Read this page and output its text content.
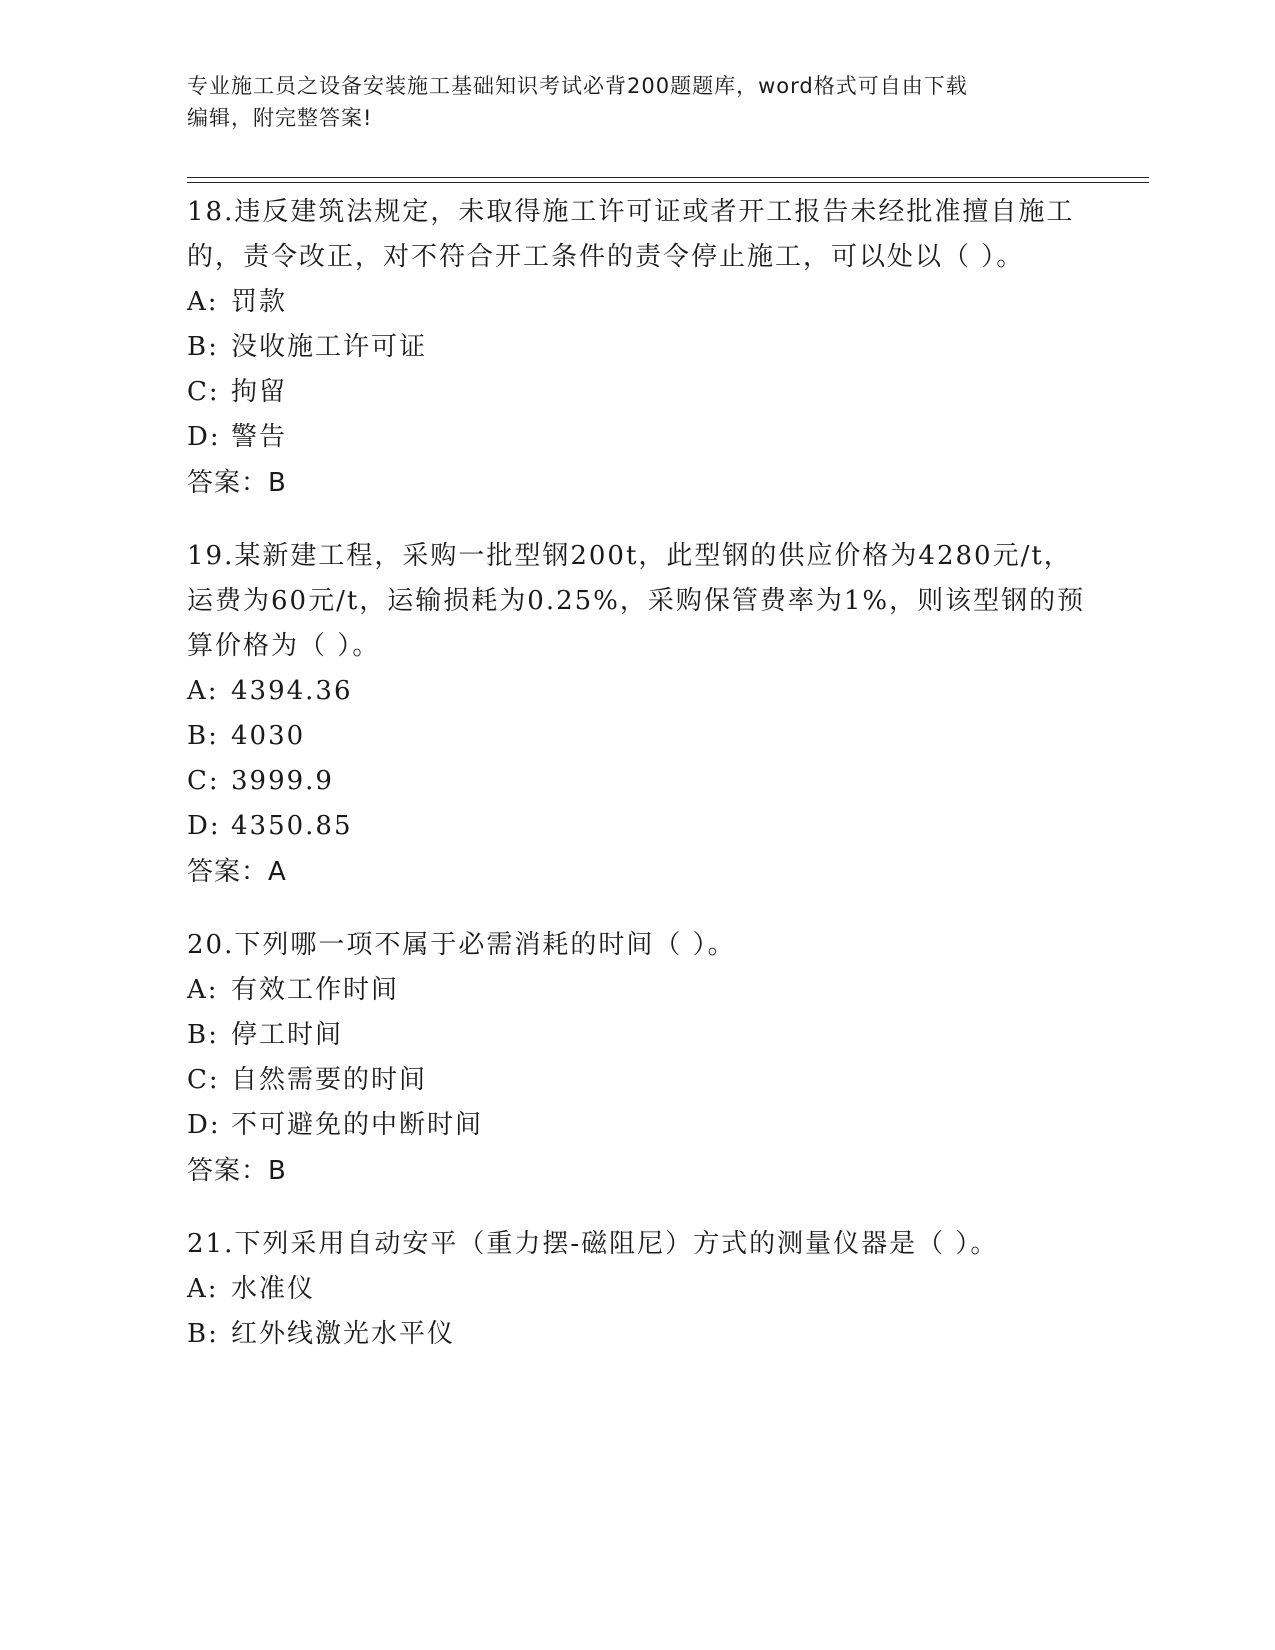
专业施工员之设备安装施工基础知识考试必背200题题库，word格式可自由下载
编辑，附完整答案!

18.违反建筑法规定，未取得施工许可证或者开工报告未经批准擅自施工的，责令改正，对不符合开工条件的责令停止施工，可以处以（ ）。

A: 罚款

B: 没收施工许可证

C: 拘留

D: 警告

答案：B

19.某新建工程，采购一批型钢200t，此型钢的供应价格为4280元/t，运费为60元/t，运输损耗为0.25%，采购保管费率为1%，则该型钢的预算价格为（ ）。

A: 4394.36

B: 4030

C: 3999.9

D: 4350.85

答案：A

20.下列哪一项不属于必需消耗的时间（ ）。

A: 有效工作时间

B: 停工时间

C: 自然需要的时间

D: 不可避免的中断时间

答案：B

21.下列采用自动安平（重力摆-磁阻尼）方式的测量仪器是（ ）。

A: 水准仪

B: 红外线激光水平仪
